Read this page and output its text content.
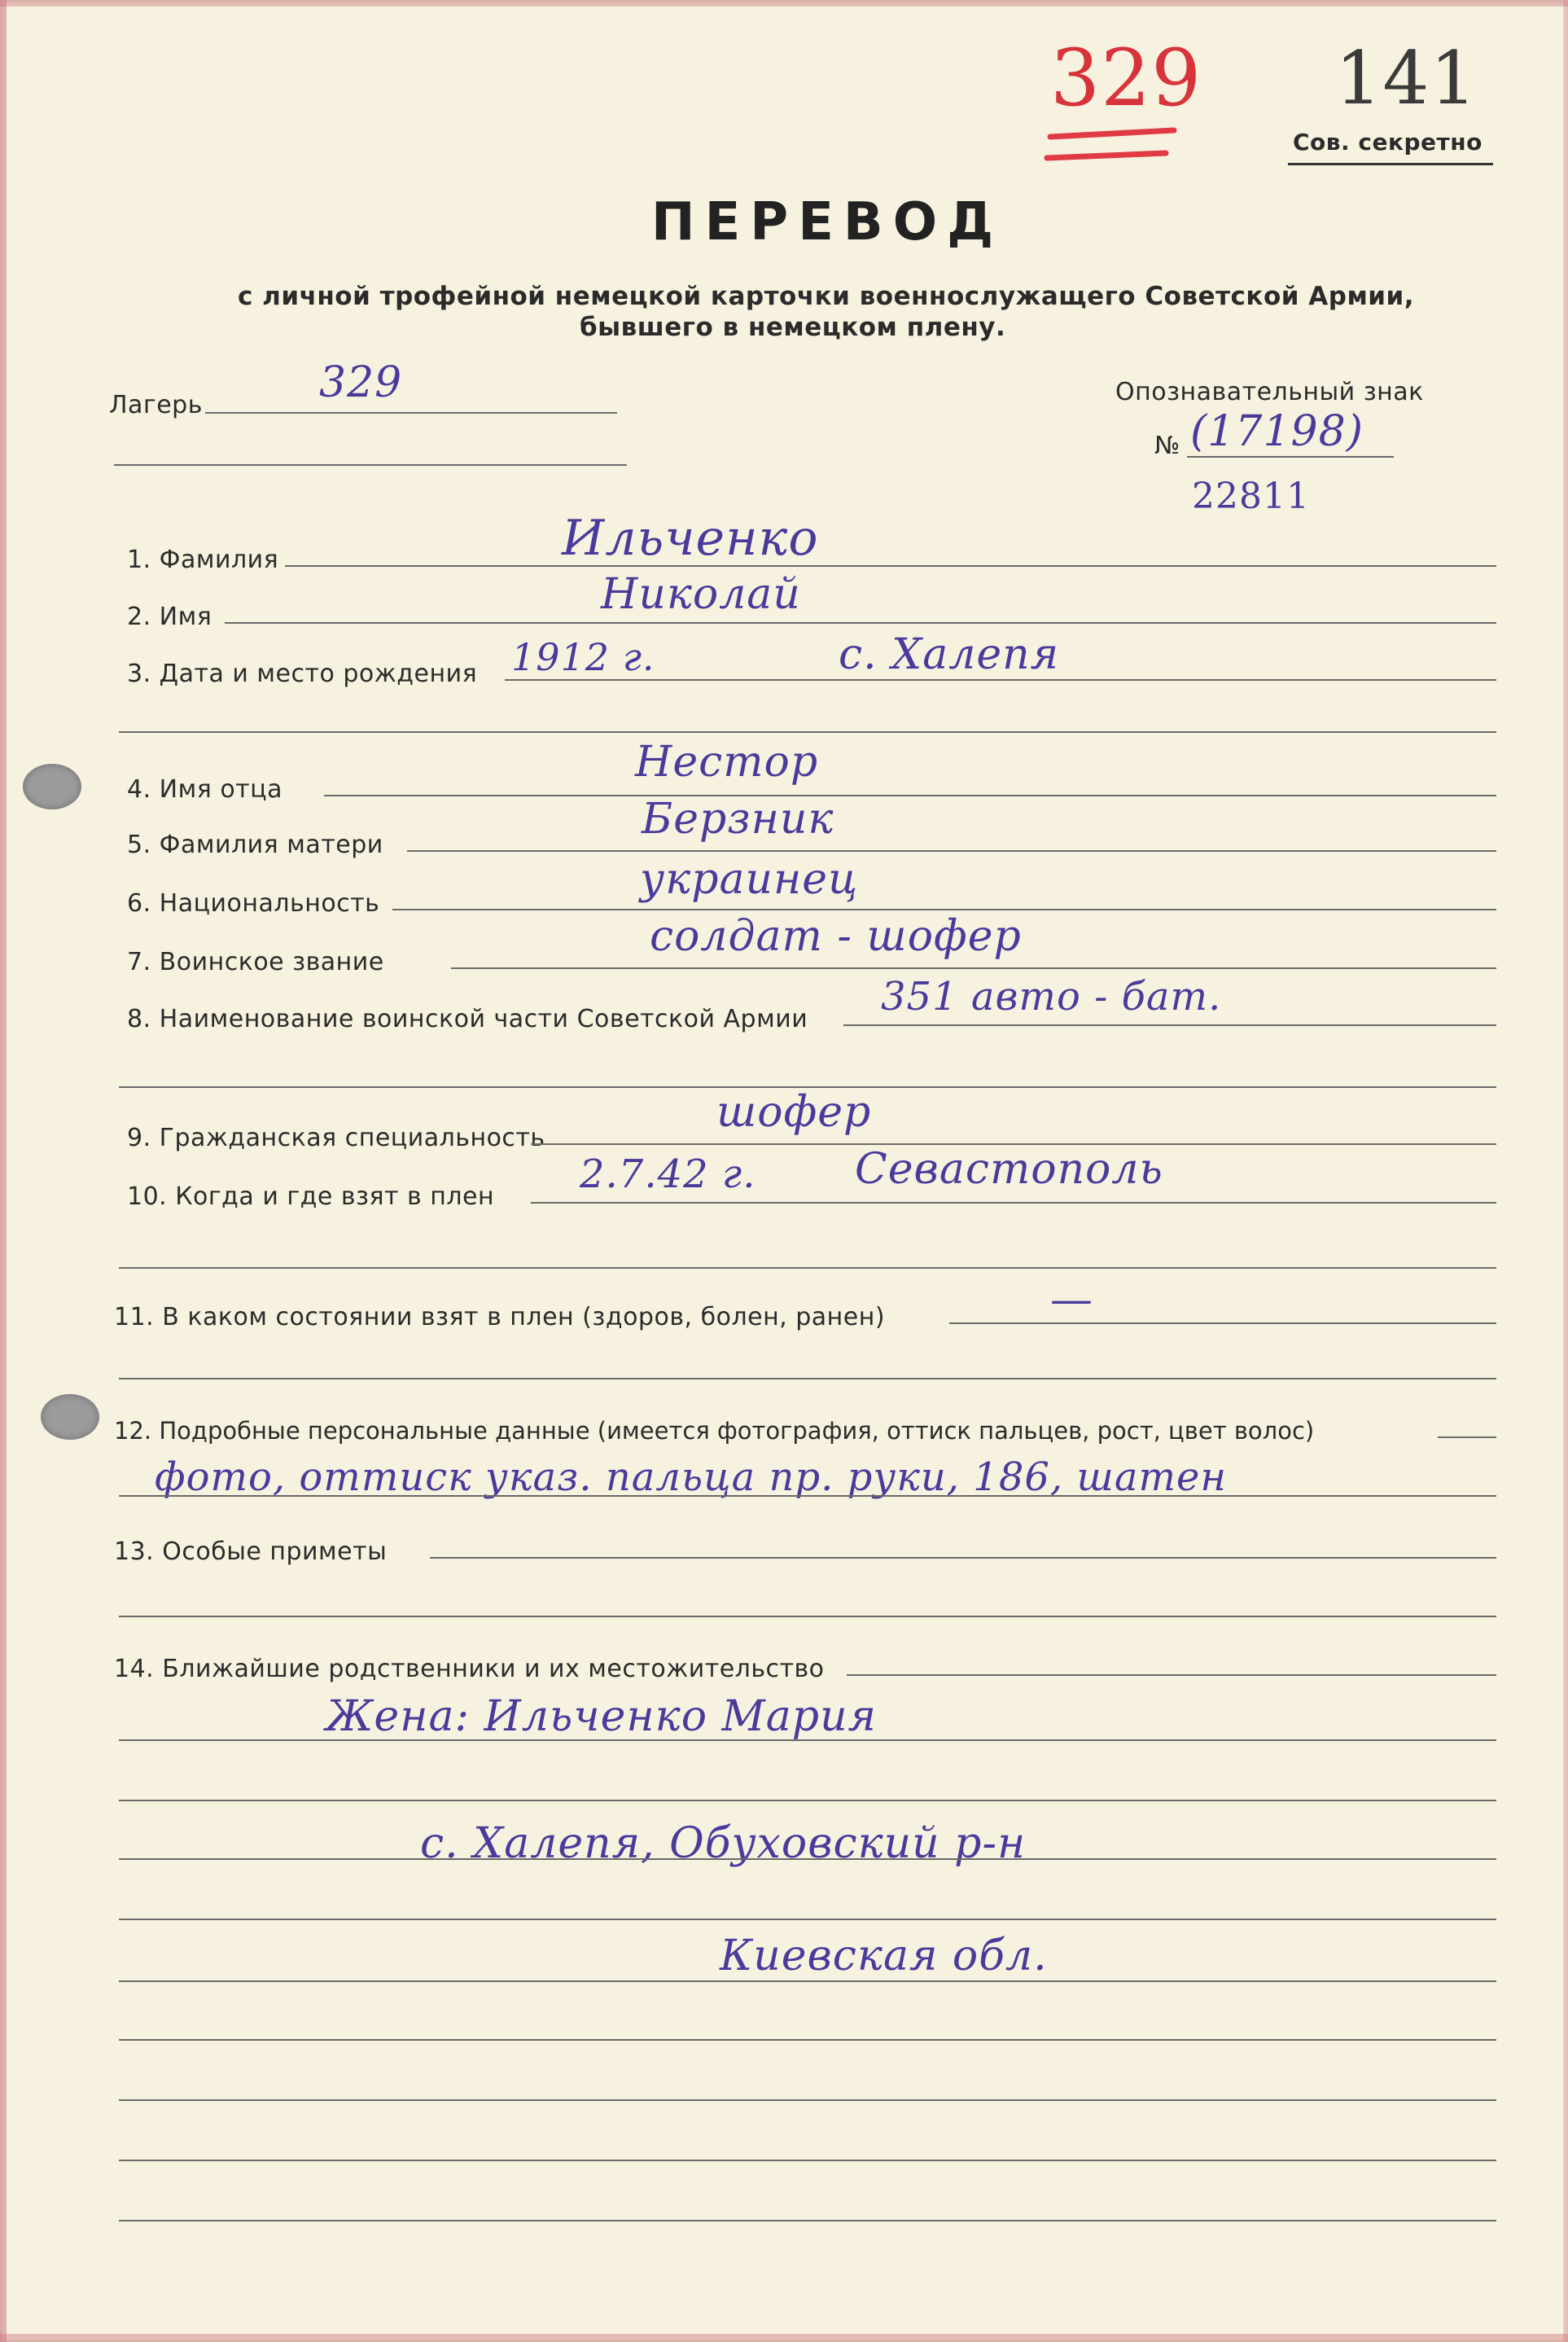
329 141
Сов. секретно
ПЕРЕВОД
с личной трофейной немецкой карточки военнослужащего Советской Армии,
бывшего в немецком плену.
Лагерь	329	Опознавательный знак
№ (17198)
22811
1. Фамилия	Ильченко
2. Имя	Николай
3. Дата и место рождения 1912 г.	с. Халепя
4. Имя отца
Нестор
5. Фамилия матери
Берзник
6. Национальность	украинец
7. Воинское звание
солдат - шофер
8. Наименование воинской части Советской Армии 351 авто - бат.
9. Гражданская специальность
шофер
10. Когда и где взят в плен 2.7.42 г. Севастополь
11. В каком состоянии взят в плен (здоров, болен, ранен)	—
12. Подробные персональные данные (имеется фотография, оттиск пальцев, рост, цвет волос)
фото, оттиск указ. пальца пр. руки, 186, шатен
13. Особые приметы
14. Ближайшие родственники и их местожительство
Жена: Ильченко Мария
с. Халепя, Обуховский р-н
Киевская обл.
